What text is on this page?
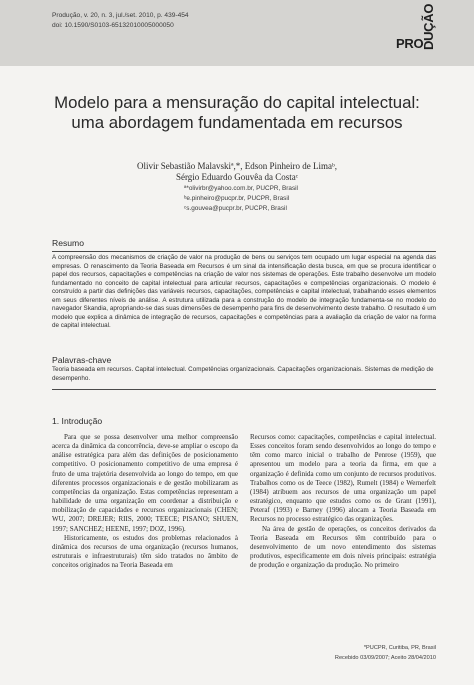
Produção, v. 20, n. 3, jul./set. 2010, p. 439-454
doi: 10.1590/S0103-65132010005000050
PRO
DUÇÃO
Modelo para a mensuração do capital intelectual:
uma abordagem fundamentada em recursos
Olivir Sebastião Malavskiª,*, Edson Pinheiro de Limaᵇ,
Sérgio Eduardo Gouvêa da Costaᶜ
ª*olivirbr@yahoo.com.br, PUCPR, Brasil
ᵇe.pinheiro@pucpr.br, PUCPR, Brasil
ᶜs.gouvea@pucpr.br, PUCPR, Brasil
Resumo

A compreensão dos mecanismos de criação de valor na produção de bens ou serviços tem ocupado um lugar especial na agenda das empresas. O renascimento da Teoria Baseada em Recursos é um sinal da intensificação desta busca, em que se procura identificar o papel dos recursos, capacitações e competências na criação de valor nos sistemas de operações. Este trabalho desenvolve um modelo fundamentado no conceito de capital intelectual para articular recursos, capacitações e competências organizacionais. O modelo é construído a partir das definições das variáveis recursos, capacitações, competências e capital intelectual, trabalhando esses elementos em seus diferentes níveis de análise. A estrutura utilizada para a construção do modelo de integração fundamenta-se no modelo do navegador Skandia, apropriando-se das suas dimensões de desempenho para fins de desenvolvimento deste trabalho. O resultado é um modelo que explica a dinâmica de integração de recursos, capacitações e competências para a avaliação da criação de valor na forma de capital intelectual.

Palavras-chave
Teoria baseada em recursos. Capital intelectual. Competências organizacionais. Capacitações organizacionais. Sistemas de medição de desempenho.
1. Introdução

Para que se possa desenvolver uma melhor compreensão acerca da dinâmica da concorrência, deve-se ampliar o escopo da análise estratégica para além das definições de posicionamento competitivo. O posicionamento competitivo de uma empresa é fruto de uma trajetória desenvolvida ao longo do tempo, em que diferentes processos organizacionais e de gestão mobilizaram as competências da organização. Estas competências representam a habilidade de uma organização em coordenar a distribuição e mobilização de capacidades e recursos organizacionais (CHEN; WU, 2007; DREJER; RIIS, 2000; TEECE; PISANO; SHUEN, 1997; SANCHEZ; HEENE, 1997; DOZ, 1996).

Historicamente, os estudos dos problemas relacionados à dinâmica dos recursos de uma organização (recursos humanos, estruturais e infraestruturais) têm sido tratados no âmbito de conceitos originados na Teoria Baseada em

Recursos como: capacitações, competências e capital intelectual. Esses conceitos foram sendo desenvolvidos ao longo do tempo e têm como marco inicial o trabalho de Penrose (1959), que apresentou um modelo para a teoria da firma, em que a organização é definida como um conjunto de recursos produtivos. Trabalhos como os de Teece (1982), Rumelt (1984) e Wernerfelt (1984) atribuem aos recursos de uma organização um papel estratégico, enquanto que estudos como os de Grant (1991), Peteraf (1993) e Barney (1996) alocam a Teoria Baseada em Recursos no processo estratégico das organizações.

Na área de gestão de operações, os conceitos derivados da Teoria Baseada em Recursos têm contribuído para o desenvolvimento de um novo entendimento dos sistemas produtivos, especificamente em dois níveis principais: estratégia de produção e organização da produção. No primeiro

*PUCPR, Curitiba, PR, Brasil
Recebido 03/09/2007; Aceito 28/04/2010
